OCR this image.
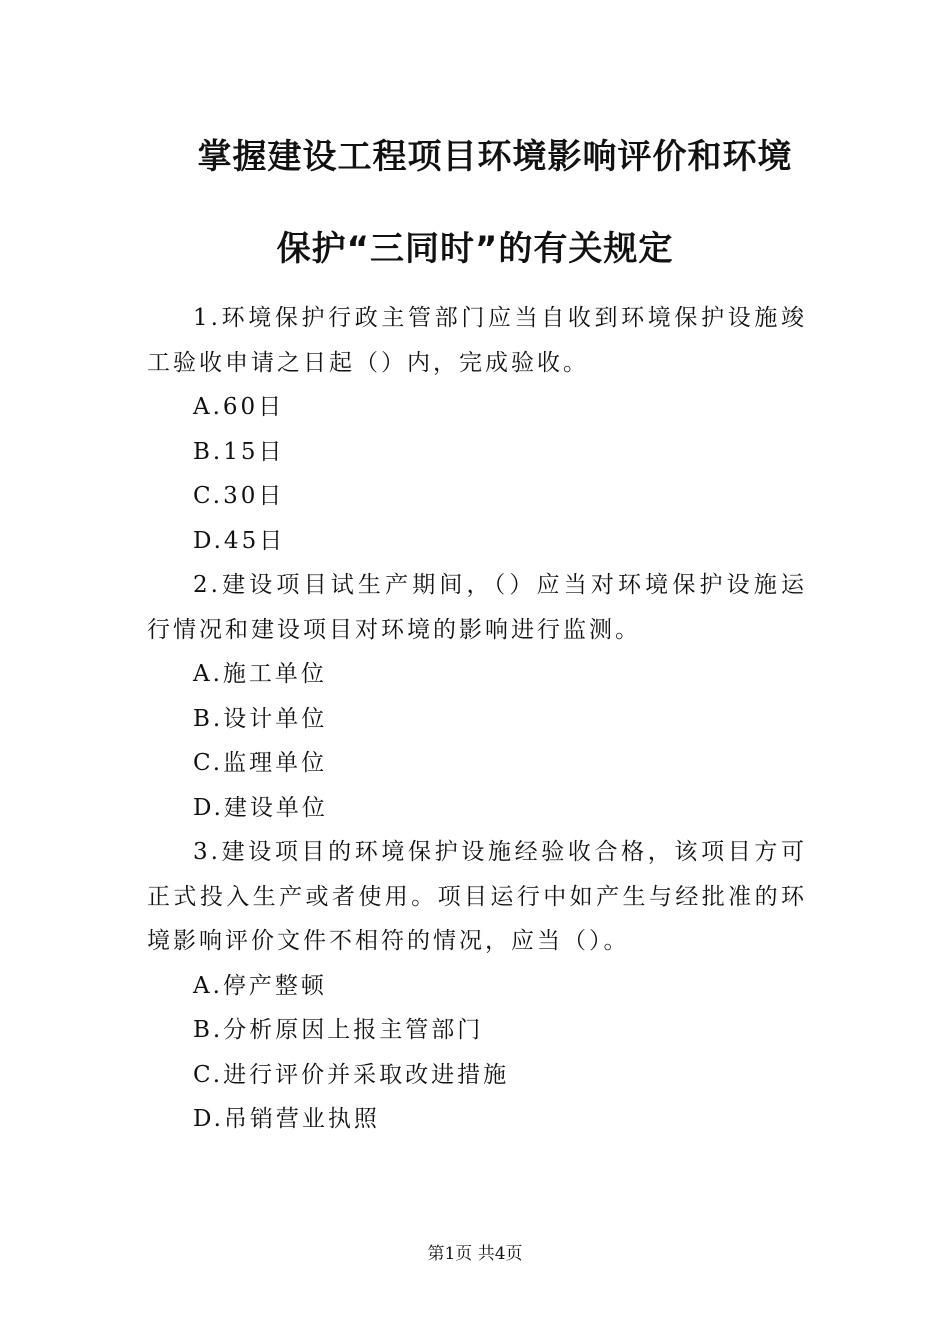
掌握建设工程项目环境影响评价和环境
保护“三同时”的有关规定

1.环境保护行政主管部门应当自收到环境保护设施竣工验收申请之日起（）内，完成验收。

A.60日

B.15日

C.30日

D.45日

2.建设项目试生产期间，（）应当对环境保护设施运行情况和建设项目对环境的影响进行监测。

A.施工单位

B.设计单位

C.监理单位

D.建设单位

3.建设项目的环境保护设施经验收合格，该项目方可正式投入生产或者使用。项目运行中如产生与经批准的环境影响评价文件不相符的情况，应当（）。

A.停产整顿

B.分析原因上报主管部门

C.进行评价并采取改进措施

D.吊销营业执照

第1页 共4页
